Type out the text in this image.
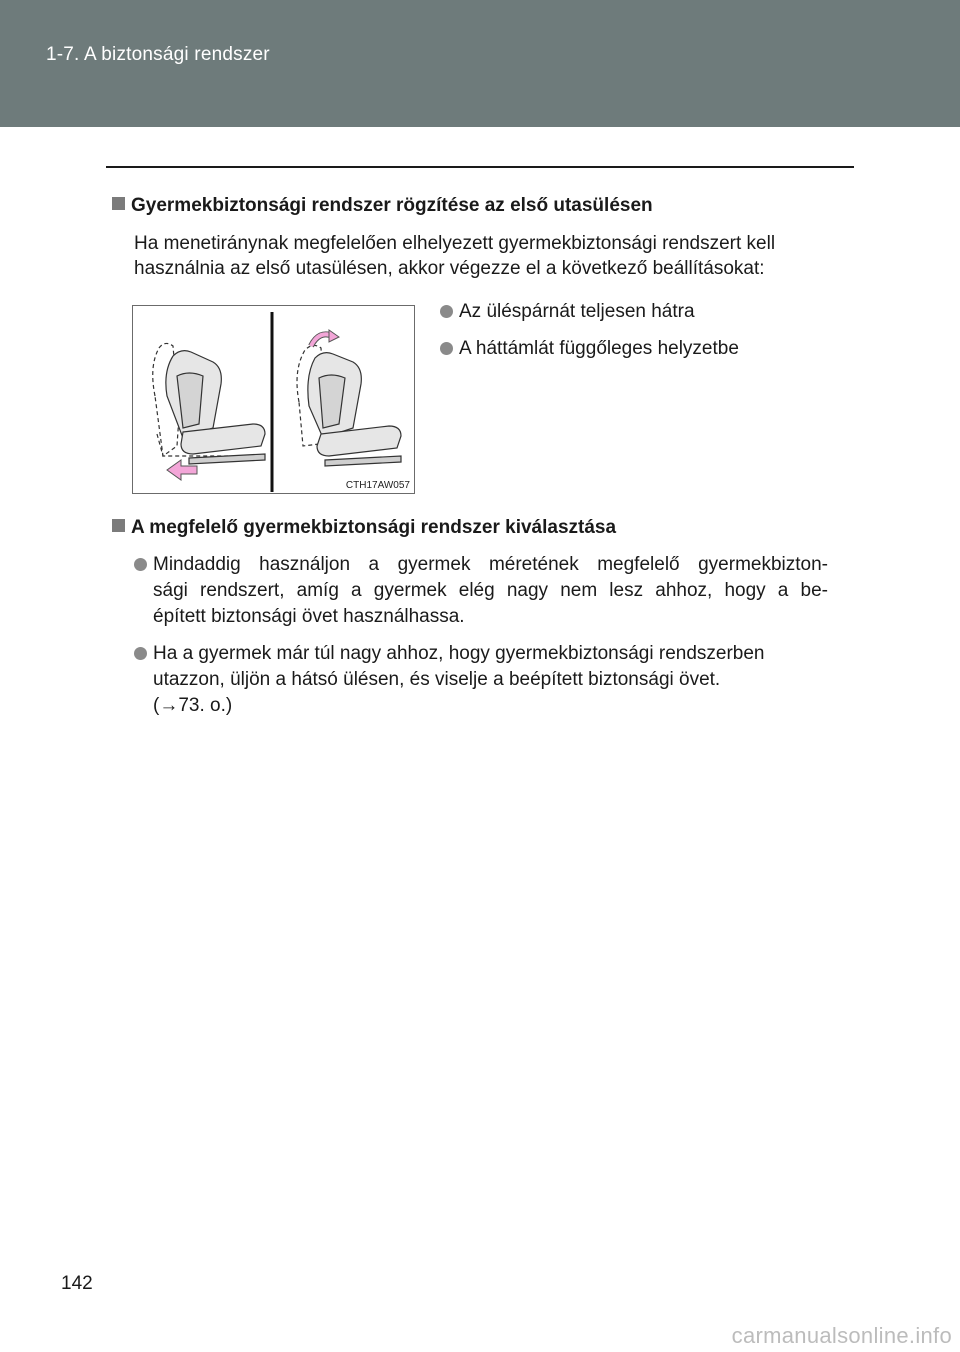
1-7. A biztonsági rendszer
Gyermekbiztonsági rendszer rögzítése az első utasülésen
Ha menetiránynak megfelelően elhelyezett gyermekbiztonsági rendszert kell
használnia az első utasülésen, akkor végezze el a következő beállításokat:
CTH17AW057
Az üléspárnát teljesen hátra
A háttámlát függőleges helyzetbe
A megfelelő gyermekbiztonsági rendszer kiválasztása
Mindaddig használjon a gyermek méretének megfelelő gyermekbizton-
sági rendszert, amíg a gyermek elég nagy nem lesz ahhoz, hogy a be-
épített biztonsági övet használhassa.
Ha a gyermek már túl nagy ahhoz, hogy gyermekbiztonsági rendszerben
utazzon, üljön a hátsó ülésen, és viselje a beépített biztonsági övet.
(→73. o.)
142
carmanualsonline.info
